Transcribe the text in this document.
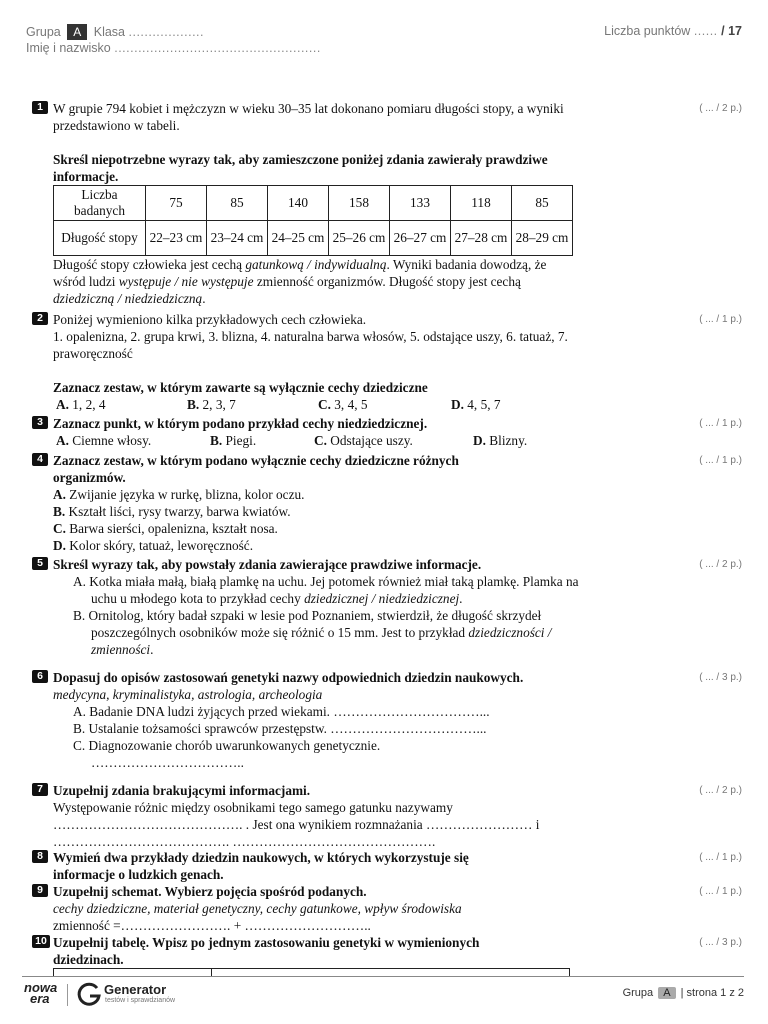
Grupa A Klasa ...................
Imię i nazwisko ....................................................
Liczba punktów ...... / 17
1	( ... / 2 p.)
W grupie 794 kobiet i mężczyzn w wieku 30–35 lat dokonano pomiaru długości stopy, a wyniki przedstawiono w tabeli.
Skreśl niepotrzebne wyrazy tak, aby zamieszczone poniżej zdania zawierały prawdziwe informacje.
Liczba badanych	75	85	140	158	133	118	85
Długość stopy	22–23 cm	23–24 cm	24–25 cm	25–26 cm	26–27 cm	27–28 cm	28–29 cm
Długość stopy człowieka jest cechą gatunkową / indywidualną. Wyniki badania dowodzą, że wśród ludzi występuje / nie występuje zmienność organizmów. Długość stopy jest cechą dziedziczną / niedziedziczną.
2	( ... / 1 p.)
Poniżej wymieniono kilka przykładowych cech człowieka.
1. opalenizna, 2. grupa krwi, 3. blizna, 4. naturalna barwa włosów, 5. odstające uszy, 6. tatuaż, 7. praworęczność
Zaznacz zestaw, w którym zawarte są wyłącznie cechy dziedziczne
A. 1, 2, 4	B. 2, 3, 7	C. 3, 4, 5	D. 4, 5, 7
3	( ... / 1 p.)
Zaznacz punkt, w którym podano przykład cechy niedziedzicznej.
A. Ciemne włosy.	B. Piegi.	C. Odstające uszy.	D. Blizny.
4	( ... / 1 p.)
Zaznacz zestaw, w którym podano wyłącznie cechy dziedziczne różnych organizmów.
A. Zwijanie języka w rurkę, blizna, kolor oczu.
B. Kształt liści, rysy twarzy, barwa kwiatów.
C. Barwa sierści, opalenizna, kształt nosa.
D. Kolor skóry, tatuaż, leworęczność.
5	( ... / 2 p.)
Skreśl wyrazy tak, aby powstały zdania zawierające prawdziwe informacje.
A. Kotka miała małą, białą plamkę na uchu. Jej potomek również miał taką plamkę. Plamka na uchu u młodego kota to przykład cechy dziedzicznej / niedziedzicznej.
B. Ornitolog, który badał szpaki w lesie pod Poznaniem, stwierdził, że długość skrzydeł poszczególnych osobników może się różnić o 15 mm. Jest to przykład dziedziczności / zmienności.
6	( ... / 3 p.)
Dopasuj do opisów zastosowań genetyki nazwy odpowiednich dziedzin naukowych.
medycyna, kryminalistyka, astrologia, archeologia
A. Badanie DNA ludzi żyjących przed wiekami. ……………………………...
B. Ustalanie tożsamości sprawców przestępstw. ……………………………...
C. Diagnozowanie chorób uwarunkowanych genetycznie. ……………………………..
7	( ... / 2 p.)
Uzupełnij zdania brakującymi informacjami.
Występowanie różnic między osobnikami tego samego gatunku nazywamy
……………………………………. . Jest ona wynikiem rozmnażania …………………… i
…………………………………. ……………………………………….
8	( ... / 1 p.)
Wymień dwa przykłady dziedzin naukowych, w których wykorzystuje się informacje o ludzkich genach.
9	( ... / 1 p.)
Uzupełnij schemat. Wybierz pojęcia spośród podanych.
cechy dziedziczne, materiał genetyczny, cechy gatunkowe, wpływ środowiska
zmienność =……………………. + ………………………..
10	( ... / 3 p.)
Uzupełnij tabelę. Wpisz po jednym zastosowaniu genetyki w wymienionych dziedzinach.
nowa
era
Generator
testów i sprawdzianów
Grupa A | strona 1 z 2
